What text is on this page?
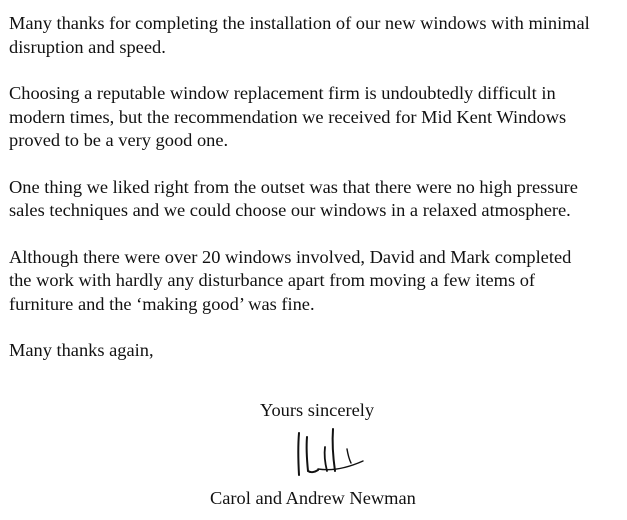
Many thanks for completing the installation of our new windows with minimal
disruption and speed.

Choosing a reputable window replacement firm is undoubtedly difficult in
modern times, but the recommendation we received for Mid Kent Windows
proved to be a very good one.

One thing we liked right from the outset was that there were no high pressure
sales techniques and we could choose our windows in a relaxed atmosphere.

Although there were over 20 windows involved, David and Mark completed
the work with hardly any disturbance apart from moving a few items of
furniture and the ‘making good’ was fine.

Many thanks again,

Yours sincerely
Carol and Andrew Newman
